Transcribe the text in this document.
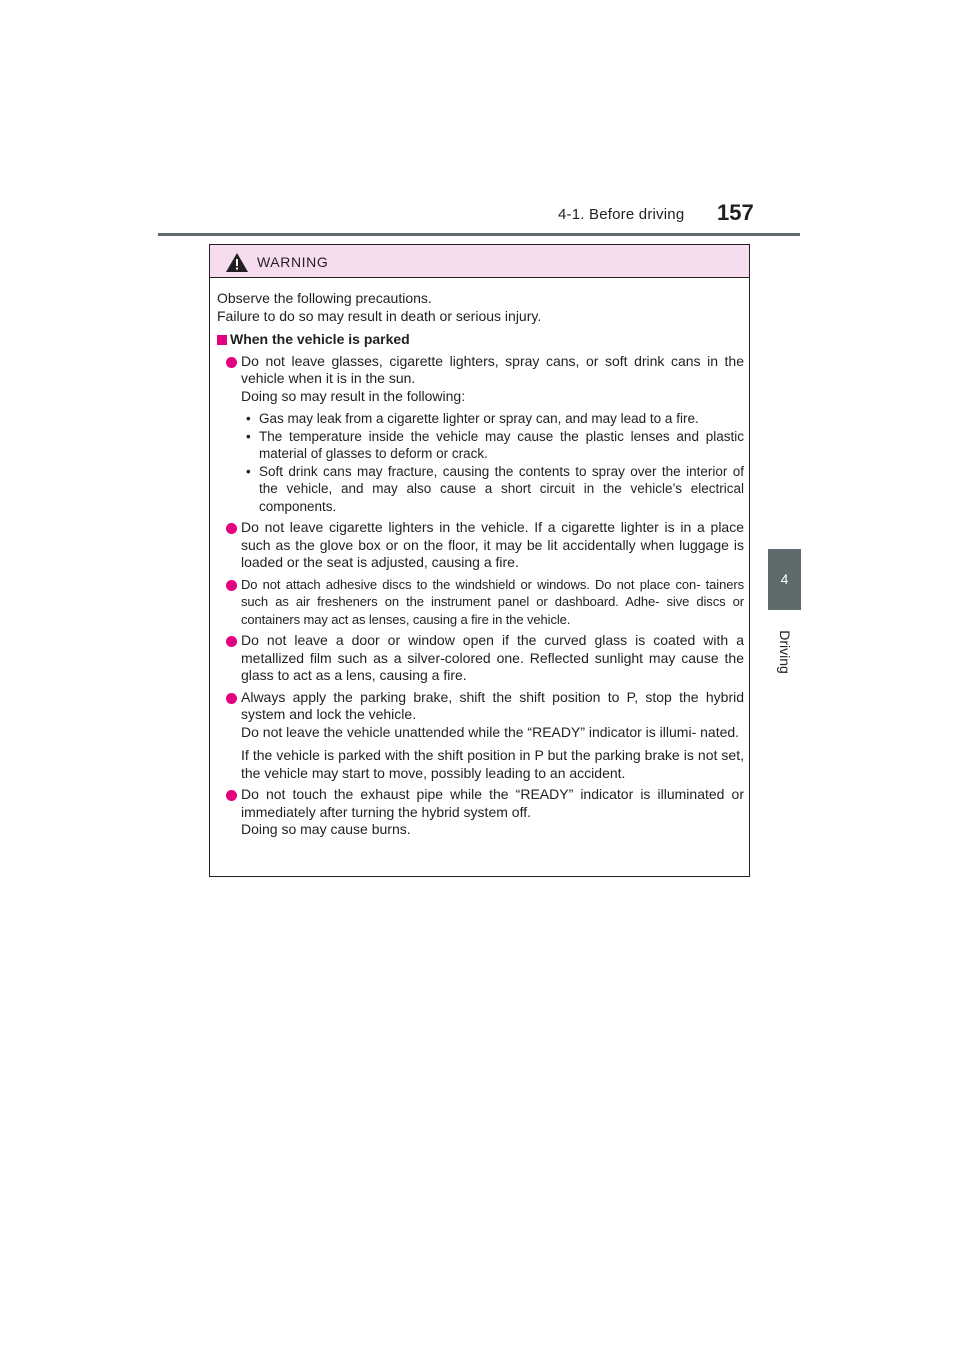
4-1. Before driving 157
4
Driving
WARNING

Observe the following precautions.

Failure to do so may result in death or serious injury.

When the vehicle is parked
Do not leave glasses, cigarette lighters, spray cans, or soft drink cans in the vehicle when it is in the sun.
Doing so may result in the following:
• Gas may leak from a cigarette lighter or spray can, and may lead to a fire.
• The temperature inside the vehicle may cause the plastic lenses and plastic material of glasses to deform or crack.
• Soft drink cans may fracture, causing the contents to spray over the interior of the vehicle, and may also cause a short circuit in the vehicle’s electrical components.
Do not leave cigarette lighters in the vehicle. If a cigarette lighter is in a place such as the glove box or on the floor, it may be lit accidentally when luggage is loaded or the seat is adjusted, causing a fire.
Do not attach adhesive discs to the windshield or windows. Do not place con- tainers such as air fresheners on the instrument panel or dashboard. Adhe- sive discs or containers may act as lenses, causing a fire in the vehicle.
Do not leave a door or window open if the curved glass is coated with a metallized film such as a silver-colored one. Reflected sunlight may cause the glass to act as a lens, causing a fire.
Always apply the parking brake, shift the shift position to P, stop the hybrid system and lock the vehicle.
Do not leave the vehicle unattended while the “READY” indicator is illumi- nated.
If the vehicle is parked with the shift position in P but the parking brake is not set, the vehicle may start to move, possibly leading to an accident.
Do not touch the exhaust pipe while the “READY” indicator is illuminated or immediately after turning the hybrid system off.
Doing so may cause burns.
